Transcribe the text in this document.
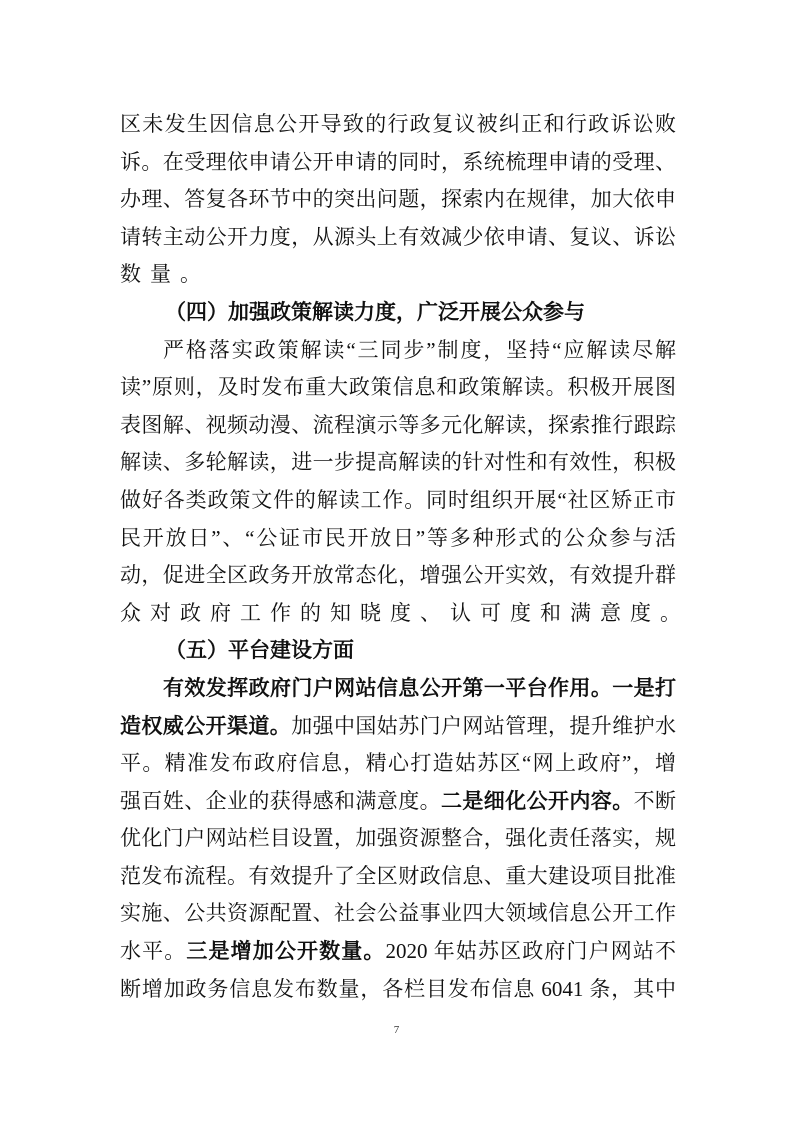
区未发生因信息公开导致的行政复议被纠正和行政诉讼败
诉。在受理依申请公开申请的同时，系统梳理申请的受理、
办理、答复各环节中的突出问题，探索内在规律，加大依申
请转主动公开力度，从源头上有效减少依申请、复议、诉讼
数量。
（四）加强政策解读力度，广泛开展公众参与
严格落实政策解读“三同步”制度，坚持“应解读尽解
读”原则，及时发布重大政策信息和政策解读。积极开展图
表图解、视频动漫、流程演示等多元化解读，探索推行跟踪
解读、多轮解读，进一步提高解读的针对性和有效性，积极
做好各类政策文件的解读工作。同时组织开展“社区矫正市
民开放日”、“公证市民开放日”等多种形式的公众参与活
动，促进全区政务开放常态化，增强公开实效，有效提升群
众对政府工作的知晓度、认可度和满意度。
（五）平台建设方面
有效发挥政府门户网站信息公开第一平台作用。一是打
造权威公开渠道。加强中国姑苏门户网站管理，提升维护水
平。精准发布政府信息，精心打造姑苏区“网上政府”，增
强百姓、企业的获得感和满意度。二是细化公开内容。不断
优化门户网站栏目设置，加强资源整合，强化责任落实，规
范发布流程。有效提升了全区财政信息、重大建设项目批准
实施、公共资源配置、社会公益事业四大领域信息公开工作
水平。三是增加公开数量。2020 年姑苏区政府门户网站不
断增加政务信息发布数量，各栏目发布信息 6041 条，其中
7
